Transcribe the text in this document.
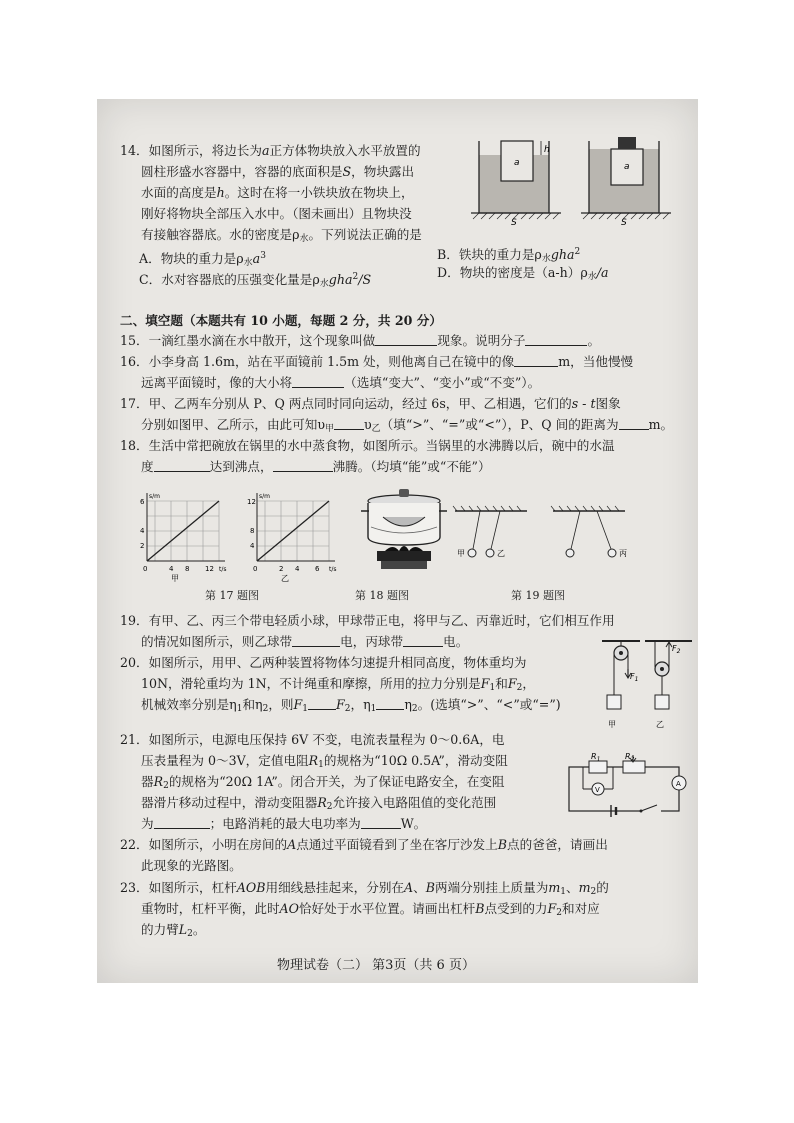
14．如图所示，将边长为a正方体物块放入水平放置的
圆柱形盛水容器中，容器的底面积是S，物块露出
水面的高度是h。这时在将一小铁块放在物块上，
刚好将物块全部压入水中。（图未画出）且物块没
有接触容器底。水的密度是$\rho_水$。下列说法正确的是
A．物块的重力是$\rho_水a^3$	B．铁块的重力是$\rho_水gha^2$
C．水对容器底的压强变化量是$\rho_水gha^2/S$	D．物块的密度是$(a-h)\rho_水/a$
h
a
S
a
S
二、填空题（本题共有 10 小题，每题 2 分，共 20 分）
15．一滴红墨水滴在水中散开，这个现象叫做	现象。说明分子	。
16．小李身高 1.6m，站在平面镜前 1.5m 处，则他离自己在镜中的像	m，当他慢慢
远离平面镜时，像的大小将	（选填“变大”、“变小”或“不变”）。
17．甲、乙两车分别从 P、Q 两点同时同向运动，经过 6s，甲、乙相遇，它们的s - t图象
分别如图甲、乙所示，由此可知$\upsilon_甲$ $\upsilon_乙$（填“>”、“=”或“<”），P、Q 间的距离为 m。
18．生活中常把碗放在锅里的水中蒸食物，如图所示。当锅里的水沸腾以后，碗中的水温
度	达到沸点，	沸腾。（均填“能”或“不能”）
s/m
t/s
2
4
6
0	4 8 12
甲
s/m
t/s
4
8
12
0	2 4 6
乙
第 17 题图	第 18 题图
甲	乙	丙
第 19 题图
19．有甲、乙、丙三个带电轻质小球，甲球带正电，将甲与乙、丙靠近时，它们相互作用
的情况如图所示，则乙球带	电，丙球带	电。
20．如图所示，用甲、乙两种装置将物体匀速提升相同高度，物体重均为
10N，滑轮重均为 1N，不计绳重和摩擦，所用的拉力分别是$F_1$和$F_2$，
机械效率分别是$\eta_1$和$\eta_2$，则$F_1$ $F_2$，$\eta_1$ $\eta_2$。(选填“>”、“<”或“=”)
$F_1$
甲
$F_2$
乙
21．如图所示，电源电压保持 6V 不变，电流表量程为 0～0.6A，电
压表量程为 0～3V，定值电阻$R_1$的规格为“10Ω 0.5A”，滑动变阻
器$R_2$的规格为“20Ω 1A”。闭合开关，为了保证电路安全，在变阻
器滑片移动过程中，滑动变阻器$R_2$允许接入电路阻值的变化范围
为	；电路消耗的最大电功率为	W。
$R_1$	$R_2$
V
A
22．如图所示，小明在房间的A点通过平面镜看到了坐在客厅沙发上B点的爸爸，请画出
此现象的光路图。
23．如图所示，杠杆AOB用细线悬挂起来，分别在A、B两端分别挂上质量为$m_1$、$m_2$的
重物时，杠杆平衡，此时AO恰好处于水平位置。请画出杠杆B点受到的力$F_2$和对应
的力臂$L_2$。
物理试卷（二） 第3页（共 6 页）
